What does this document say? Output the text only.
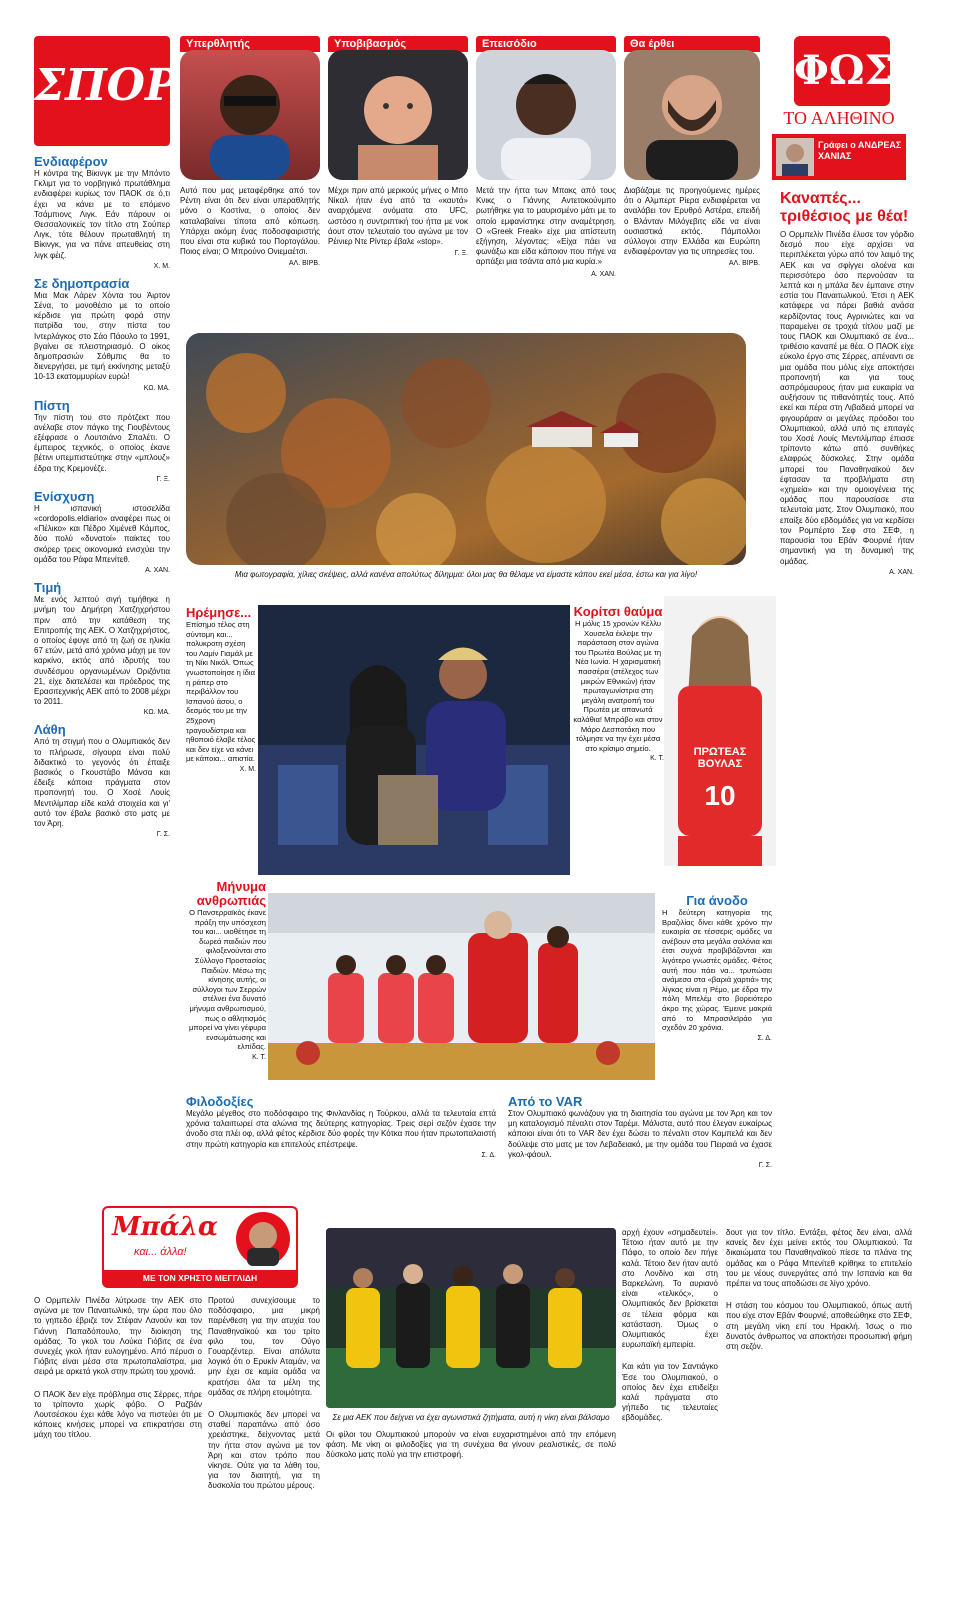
ΣΠΟΡ
Υπερθλητής	Υποβιβασμός	Επεισόδιο	Θα έρθει

Αυτό που μας μεταφέρθηκε από τον Ρέντη είναι ότι δεν είναι υπεραθλητής μόνο ο Κοστίνα, ο οποίος δεν καταλαβαίνει τίποτα από κόπωση. Υπάρχει ακόμη ένας ποδοσφαιριστής που είναι στα κυβικά του Πορτογάλου. Ποιος είναι; Ο Μπρούνο Ονιεμαέτσι.

ΑΛ. ΒΙΡΒ.

Μέχρι πριν από μερικούς μήνες ο Μπο Νίκαλ ήταν ένα από τα «καυτά» αναρχόμενα ονόματα στο UFC, ωστόσο η συντριπτική του ήττα με νοκ άουτ στον τελευταίο του αγώνα με τον Ρέινιερ Ντε Ρίντερ έβαλε «stop».

Γ. Ξ.

Μετά την ήττα των Μπακς από τους Κνικς ο Γιάννης Αντετοκούνμπο ρωτήθηκε για το μαυρισμένο μάτι με το οποίο εμφανίστηκε στην αναμέτρηση. Ο «Greek Freak» είχε μια απίστευτη εξήγηση, λέγοντας: «Είχα πάει να φωνάξω και είδα κάποιον που πήγε να αρπάξει μια τσάντα από μια κυρία.»

Α. ΧΑΝ.

Διαβάζαμε τις προηγούμενες ημέρες ότι ο Αλμπερτ Ρίερα ενδιαφέρεται να αναλάβει τον Ερυθρό Αστέρα, επειδή ο Βλάνταν Μιλόγεβιτς είδε να είναι ουσιαστικά εκτός. Πάμπολλοι σύλλογοι στην Ελλάδα και Ευρώπη ενδιαφέρονταν για τις υπηρεσίες του.

ΑΛ. ΒΙΡΒ.

ΦΩΣ
ΤΟ ΑΛΗΘΙΝΟ
Γράφει ο ΑΝΔΡΕΑΣ ΧΑΝΙΑΣ
Καναπές... τριθέσιος με θέα!

Ο Ορμπελίν Πινέδα έλυσε τον γόρδιο δεσμό που είχε αρχίσει να περιπλέκεται γύρω από τον λαιμό της ΑΕΚ και να σφίγγει ολοένα και περισσότερο όσο περνούσαν τα λεπτά και η μπάλα δεν έμπαινε στην εστία του Παναιτωλικού. Έτσι η ΑΕΚ κατάφερε να πάρει βαθιά ανάσα κερδίζοντας τους Αγρινιώτες και να παραμείνει σε τροχιά τίτλου μαζί με τους ΠΑΟΚ και Ολυμπιακό σε ένα... τριθέσιο καναπέ με θέα. Ο ΠΑΟΚ είχε εύκολο έργο στις Σέρρες, απέναντι σε μια ομάδα που μόλις είχε αποκτήσει προπονητή και για τους ασπρόμαυρους ήταν μια ευκαιρία να αυξήσουν τις πιθανότητές τους. Από εκεί και πέρα στη Λιβαδειά μπορεί να φιγουράραν οι μεγάλες πρόοδοι του Ολυμπιακού, αλλά υπό τις επιταγές του Χοσέ Λουίς Μεντιλίμπαρ έπιασε τρίποντο κάτω από συνθήκες ελαφρώς δύσκολες. Στην ομάδα μπορεί του Παναθηναϊκού δεν έφτασαν τα προβλήματα στη «χημεία» και την ομοιογένεια της ομάδας που παρουσίασε στα τελευταία ματς. Στον Ολυμπιακό, που επαίξε δύο εβδομάδες για να κερδίσει τον Ρομπέρτο Σεφ στο ΣΕΦ, η παρουσία του Εβάν Φουρνιέ ήταν σημαντική για τη δυναμική της ομάδας.

Α. ΧΑΝ.

Ενδιαφέρον

Η κόντρα της Βίκινγκ με την Μπόντο Γκλιμτ για το νορβηγικό πρωτάθλημα ενδιαφέρει κυρίως τον ΠΑΟΚ σε ό,τι έχει να κάνει με το επόμενο Τσάμπιονς Λιγκ. Εάν πάρουν οι Θεσσαλονικείς τον τίτλο στη Σούπερ Λιγκ, τότε θέλουν πρωταθλητή τη Βίκινγκ, για να πάνε απευθείας στη λιγκ φέιζ.

Χ. Μ.

Σε δημοπρασία

Μια Μακ Λάρεν Χόντα του Άιρτον Σένα, το μονοθέσιο με το οποίο κέρδισε για πρώτη φορά στην πατρίδα του, στην πίστα του Ιντερλάγκος στο Σάο Πάουλο το 1991, βγαίνει σε πλειστηριασμό. Ο οίκος δημοπρασιών Σόθμπις θα το διενεργήσει, με τιμή εκκίνησης μεταξύ 10-13 εκατομμυρίων ευρώ!

ΚΩ. ΜΑ.

Πίστη

Την πίστη του στο πρότζεκτ που ανέλαβε στον πάγκο της Γιουβέντους εξέφρασε ο Λουτσιάνο Σπαλέτι. Ο έμπειρος τεχνικός, ο οποίος έκανε βέτινι υπεμπιστεύτηκε στην «μπλουζ» έδρα της Κρεμονέζε.

Γ. Ξ.

Ενίσχυση

Η ισπανική ιστοσελίδα «cordopolis.eldiario» αναφέρει πως οι «Πέλικο» και Πέδρο Χιμένεθ Κάμπος, δύο πολύ «δυνατοί» παίκτες του σκόρερ τρεις οικονομικά ενισχύει την ομάδα του Ράφα Μπενίτεθ.

Α. ΧΑΝ.

Τιμή

Με ενός λεπτού σιγή τιμήθηκε η μνήμη του Δημήτρη Χατζηχρήστου πριν από την κατάθεση της Επιτροπής της ΑΕΚ. Ο Χατζηχρήστος, ο οποίος έφυγε από τη ζωή σε ηλικία 67 ετών, μετά από χρόνια μάχη με τον καρκίνο, εκτός από ιδρυτής του συνδέσμου οργανωμένων Οριζόντια 21, είχε διατελέσει και πρόεδρος της Ερασιτεχνικής ΑΕΚ από το 2008 μέχρι το 2011.

ΚΩ. ΜΑ.

Λάθη

Από τη στιγμή που ο Ολυμπιακός δεν το πλήρωσε, σίγουρα είναι πολύ διδακτικό το γεγονός ότι έπαιξε βασικός ο Γκουστάβο Μάνσα και έδειξε κάποια πράγματα στον προπονητή του. Ο Χοσέ Λουίς Μεντιλίμπαρ είδε καλά στοιχεία και γι' αυτό τον έβαλε βασικό στο ματς με τον Άρη.

Γ. Σ.

Μια φωτογραφία, χίλιες σκέψεις, αλλά κανένα απολύτως δίλημμα: όλοι μας θα θέλαμε να είμαστε κάπου εκεί μέσα, έστω και για λίγο!
Ηρέμησε...

Επίσημο τέλος στη σύντομη και... πολυκροτη σχέση του Λαμίν Γιαμάλ με τη Νίκι Νικόλ. Όπως γνωστοποίησε η ίδια η ράπερ στο περιβάλλον του Ισπανού άσου, ο δεσμός του με την 25χρονη τραγουδίστρια και ηθοποιό έλαβε τέλος και δεν είχε να κάνει με κάποια... απιστία.

Χ. Μ.

Κορίτσι θαύμα

Η μόλις 15 χρονών Κέλλυ Χουσελα έκλεψε την παράσταση στον αγώνα του Πρωτέα Βούλας με τη Νέα Ιωνία. Η χαρισματική πασσέρα (στέλεχος των μικρών Εθνικών) ήταν πρωταγωνίστρια στη μεγάλη ανατροπή του Πρωτέα με απανωτά καλάθια! Μπράβο και στον Μάρο Δεσποτάκη που τόλμησε να την έχει μέσα στο κρίσιμο σημείο.

Κ. Τ.

ΠΡΩΤΕΑΣ
ΒΟΥΛΑΣ
10
Μήνυμα ανθρωπιάς

Ο Πανσερραϊκός έκανε πράξη την υπόσχεση του και... υιοθέτησε τη δωρεά παιδιών που φιλοξενούνται στο Σύλλογο Προστασίας Παιδιών. Μέσω της κίνησης αυτής, οι σύλλογοι των Σερρών στέλνει ένα δυνατό μήνυμα ανθρωπισμού, πως ο αθλητισμός μπορεί να γίνει γέφυρα ενσωμάτωσης και ελπίδας.

Κ. Τ.

Για άνοδο

Η δεύτερη κατηγορία της Βραζιλίας δίνει κάθε χρόνο την ευκαιρία σε τέσσερις ομάδες να ανέβουν στα μεγάλα σαλόνια και έτσι συχνά προβιβάζονται και λιγότερο γνωστές ομάδες. Φέτος αυτή που πάει να... τρυπώσει ανάμεσα στα «βαριά χαρτιά» της λίγκας είναι η Ρέμο, με έδρα την πόλη Μπελέμ στο βορειότερο άκρο της χώρας. Έμεινε μακριά από το Μπρασιλεϊράο για σχεδόν 20 χρόνια.

Σ. Δ.

Φιλοδοξίες

Μεγάλο μέγεθος στο ποδόσφαιρο της Φινλανδίας η Τούρκου, αλλά τα τελευταία επτά χρόνια ταλαιπωρεί στα αλώνια της δεύτερης κατηγορίας. Τρεις σερί σεζόν έχασε την άνοδο στα πλέι οφ, αλλά φέτος κέρδισε δύο φορές την Κότκα που ήταν πρωτοπαλαιστή στην πρώτη κατηγορία και επιτελούς επέστρεψε.

Σ. Δ.

Από το VAR

Στον Ολυμπιακό φωνάζουν για τη διαιτησία του αγώνα με τον Άρη και τον μη καταλογισμό πέναλτι στον Ταρέμι. Μάλιστα, αυτό που έλεγαν ευκαίρως κάποιοι είναι ότι το VAR δεν έχει δώσει το πέναλτι στον Καμπελά και δεν δούλεψε στο ματς με τον Λεβαδειακό, με την ομάδα του Πειραιά να έχασε γκολ-φάουλ.

Γ. Σ.

Μπάλα
και... άλλα!
ΜΕ ΤΟΝ ΧΡΗΣΤΟ ΜΕΓΓΛΙΔΗ

Ο Ορμπελίν Πινέδα λύτρωσε την ΑΕΚ στο αγώνα με τον Παναιτωλικό, την ώρα που όλο το γηπεδο έβριζε τον Στέφαν Λανούν και τον Γιάννη Παπαδόπουλο, την διοίκηση της ομάδας. Το γκολ του Λούκα Γιόβιτς σε ένα συνεχές γκολ ήταν ευλογημένο. Από πέρυσι ο Γιόβιτς είναι μέσα στα πρωτοπαλαίστρα, μια σειρά με αρκετά γκολ στην πρώτη του χρονιά.

Ο ΠΑΟΚ δεν είχε πρόβλημα στις Σέρρες, πήρε το τρίποντο χωρίς φόβο. Ο Ραζβάν Λουτσέσκου έχει κάθε λόγο να πιστεύει ότι με κάποιες κινήσεις μπορεί να επικρατήσει στη μάχη του τίτλου.

Προτού συνεχίσουμε το ποδόσφαιρο, μια μικρή παρένθεση για την ατυχία του Παναθηναϊκού και του τρίτο φιλο του, τον Ούγο Γουαρζέντερ. Είναι απόλυτα λογικό ότι ο Ερυκίν Αταμάν, να μην έχει σε καμία ομάδα να κρατήσει όλα τα μέλη της ομάδας σε πλήρη ετοιμότητα.

Ο Ολυμπιακός δεν μπορεί να σταθεί παραπάνω από όσο χρειάστηκε, δείχνοντας μετά την ήττα στον αγώνα με τον Άρη και στον τρόπο που νίκησε. Ούτε για τα λάθη του, για τον διαιτητή, για τη δυσκολία του πρώτου μέρους.

Σε μια ΑΕΚ που δείχνει να έχει αγωνιστικά ζητήματα, αυτή η νίκη είναι βάλσαμο

Οι φίλοι του Ολυμπιακού μπορούν να είναι ευχαριστημένοι από την επόμενη φάση. Με νίκη οι φιλοδοξίες για τη συνέχεια θα γίνουν ρεαλιστικές, σε πολύ δύσκολο ματς πολύ για την επιστροφή.

αρχή έχουν «σημαδευτεί». Τέτοιο ήταν αυτό με την Πάφο, το οποίο δεν πήγε καλά. Τέτοιο δεν ήταν αυτό στο Λονδίνο και στη Βαρκελώνη. Το αυριανό είναι «τελικός», ο Ολυμπιακός δεν βρίσκεται σε τέλεια φόρμα και κατάσταση. Όμως ο Ολυμπιακός έχει ευρωπαϊκή εμπειρία.

Και κάτι για τον Σαντιάγκο Έσε του Ολυμπιακού, ο οποίος δεν έχει επιδείξει καλά πράγματα στο γήπεδο τις τελευταίες εβδομάδες.

δουτ για τον τίτλο. Εντάξει, φέτος δεν είναι, αλλά κανείς δεν έχει μείνει εκτός του Ολυμπιακού. Τα δικαιώματα του Παναθηναϊκού πίεσε τα πλάνα της ομάδας και ο Ράφα Μπενίτεθ κρίθηκε το επιτελείο του με νέους συνεργάτες από την Ισπανία και θα πρέπει να τους αποδώσει σε λίγο χρόνο.

Η στάση του κόσμου του Ολυμπιακού, όπως αυτή που είχε στον Εβάν Φουρνιέ, αποθεώθηκε στο ΣΕΦ, στη μεγάλη νίκη επί του Ηρακλή. Ίσως ο πιο δυνατός άνθρωπος να αποκτήσει προσωπική φήμη στη σεζόν.
